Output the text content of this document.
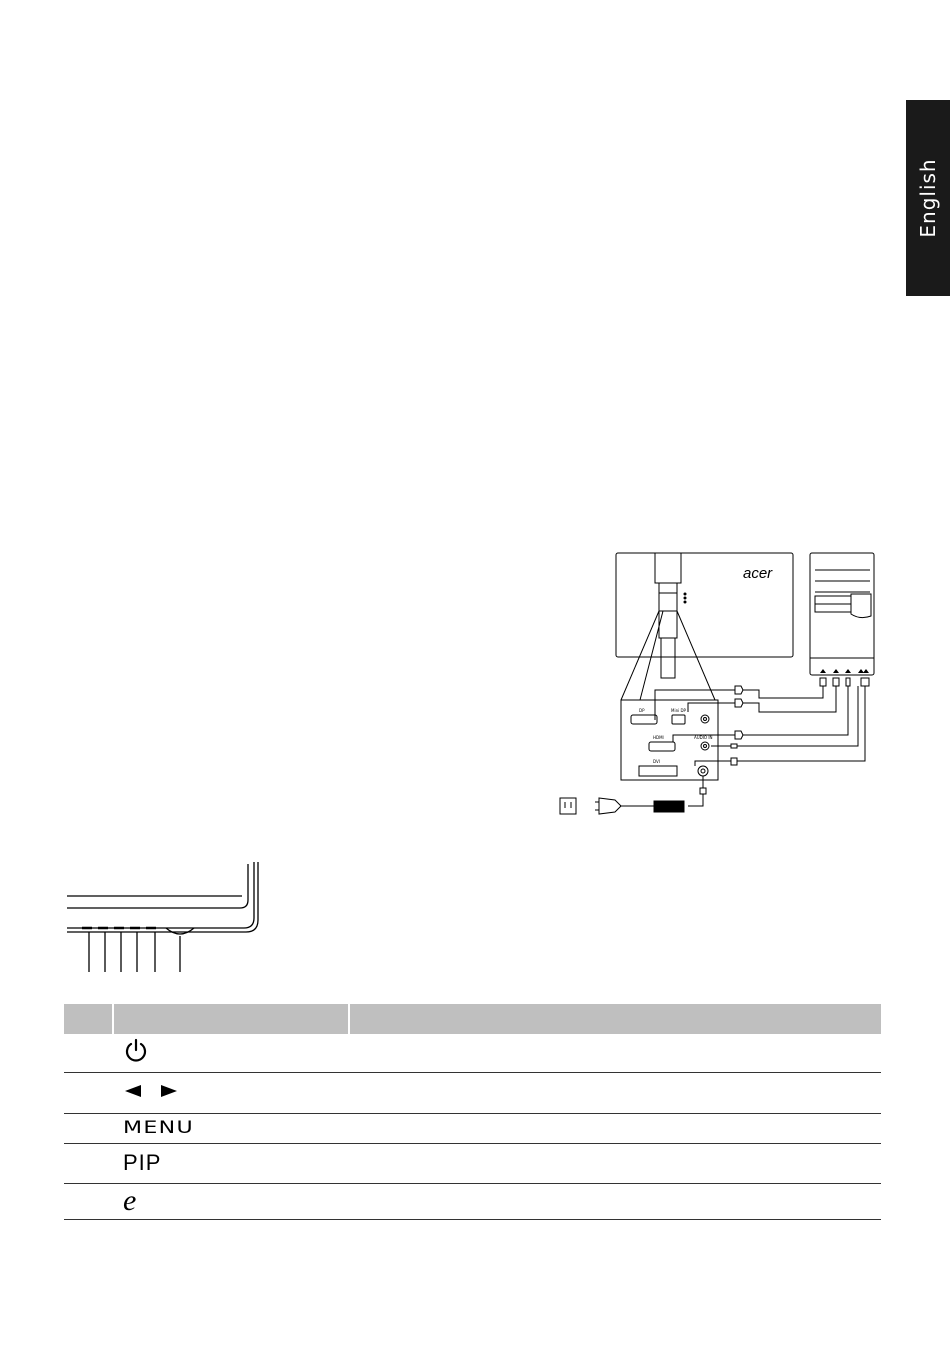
English
acer
DP	Mini DP
HDMI	AUDIO IN
DVI

	MENU	
	PIP	
	e	
